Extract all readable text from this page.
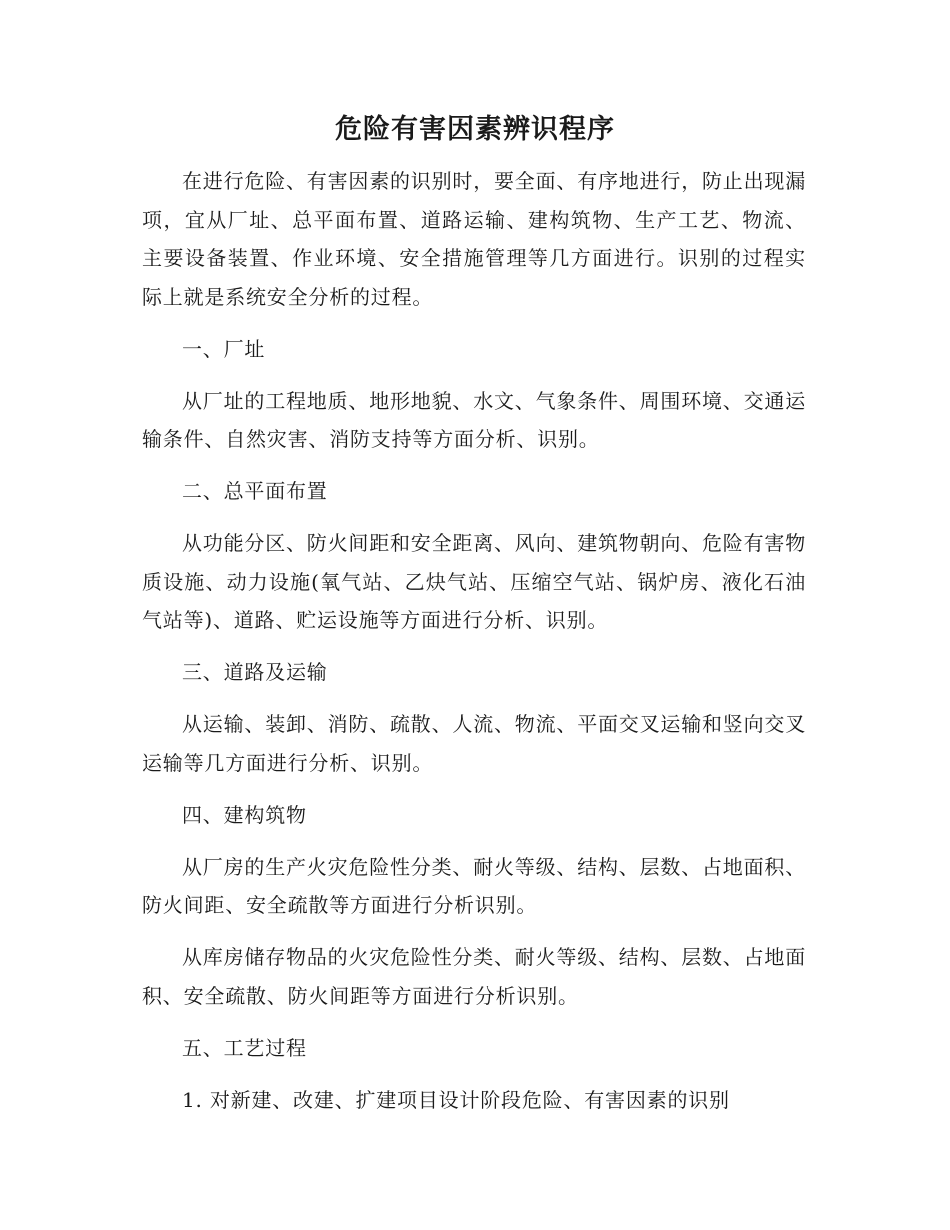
危险有害因素辨识程序

在进行危险、有害因素的识别时，要全面、有序地进行，防止出现漏项，宜从厂址、总平面布置、道路运输、建构筑物、生产工艺、物流、主要设备装置、作业环境、安全措施管理等几方面进行。识别的过程实际上就是系统安全分析的过程。

一、厂址

从厂址的工程地质、地形地貌、水文、气象条件、周围环境、交通运输条件、自然灾害、消防支持等方面分析、识别。

二、总平面布置

从功能分区、防火间距和安全距离、风向、建筑物朝向、危险有害物质设施、动力设施(氧气站、乙炔气站、压缩空气站、锅炉房、液化石油气站等)、道路、贮运设施等方面进行分析、识别。

三、道路及运输

从运输、装卸、消防、疏散、人流、物流、平面交叉运输和竖向交叉运输等几方面进行分析、识别。

四、建构筑物

从厂房的生产火灾危险性分类、耐火等级、结构、层数、占地面积、防火间距、安全疏散等方面进行分析识别。

从库房储存物品的火灾危险性分类、耐火等级、结构、层数、占地面积、安全疏散、防火间距等方面进行分析识别。

五、工艺过程

1. 对新建、改建、扩建项目设计阶段危险、有害因素的识别
